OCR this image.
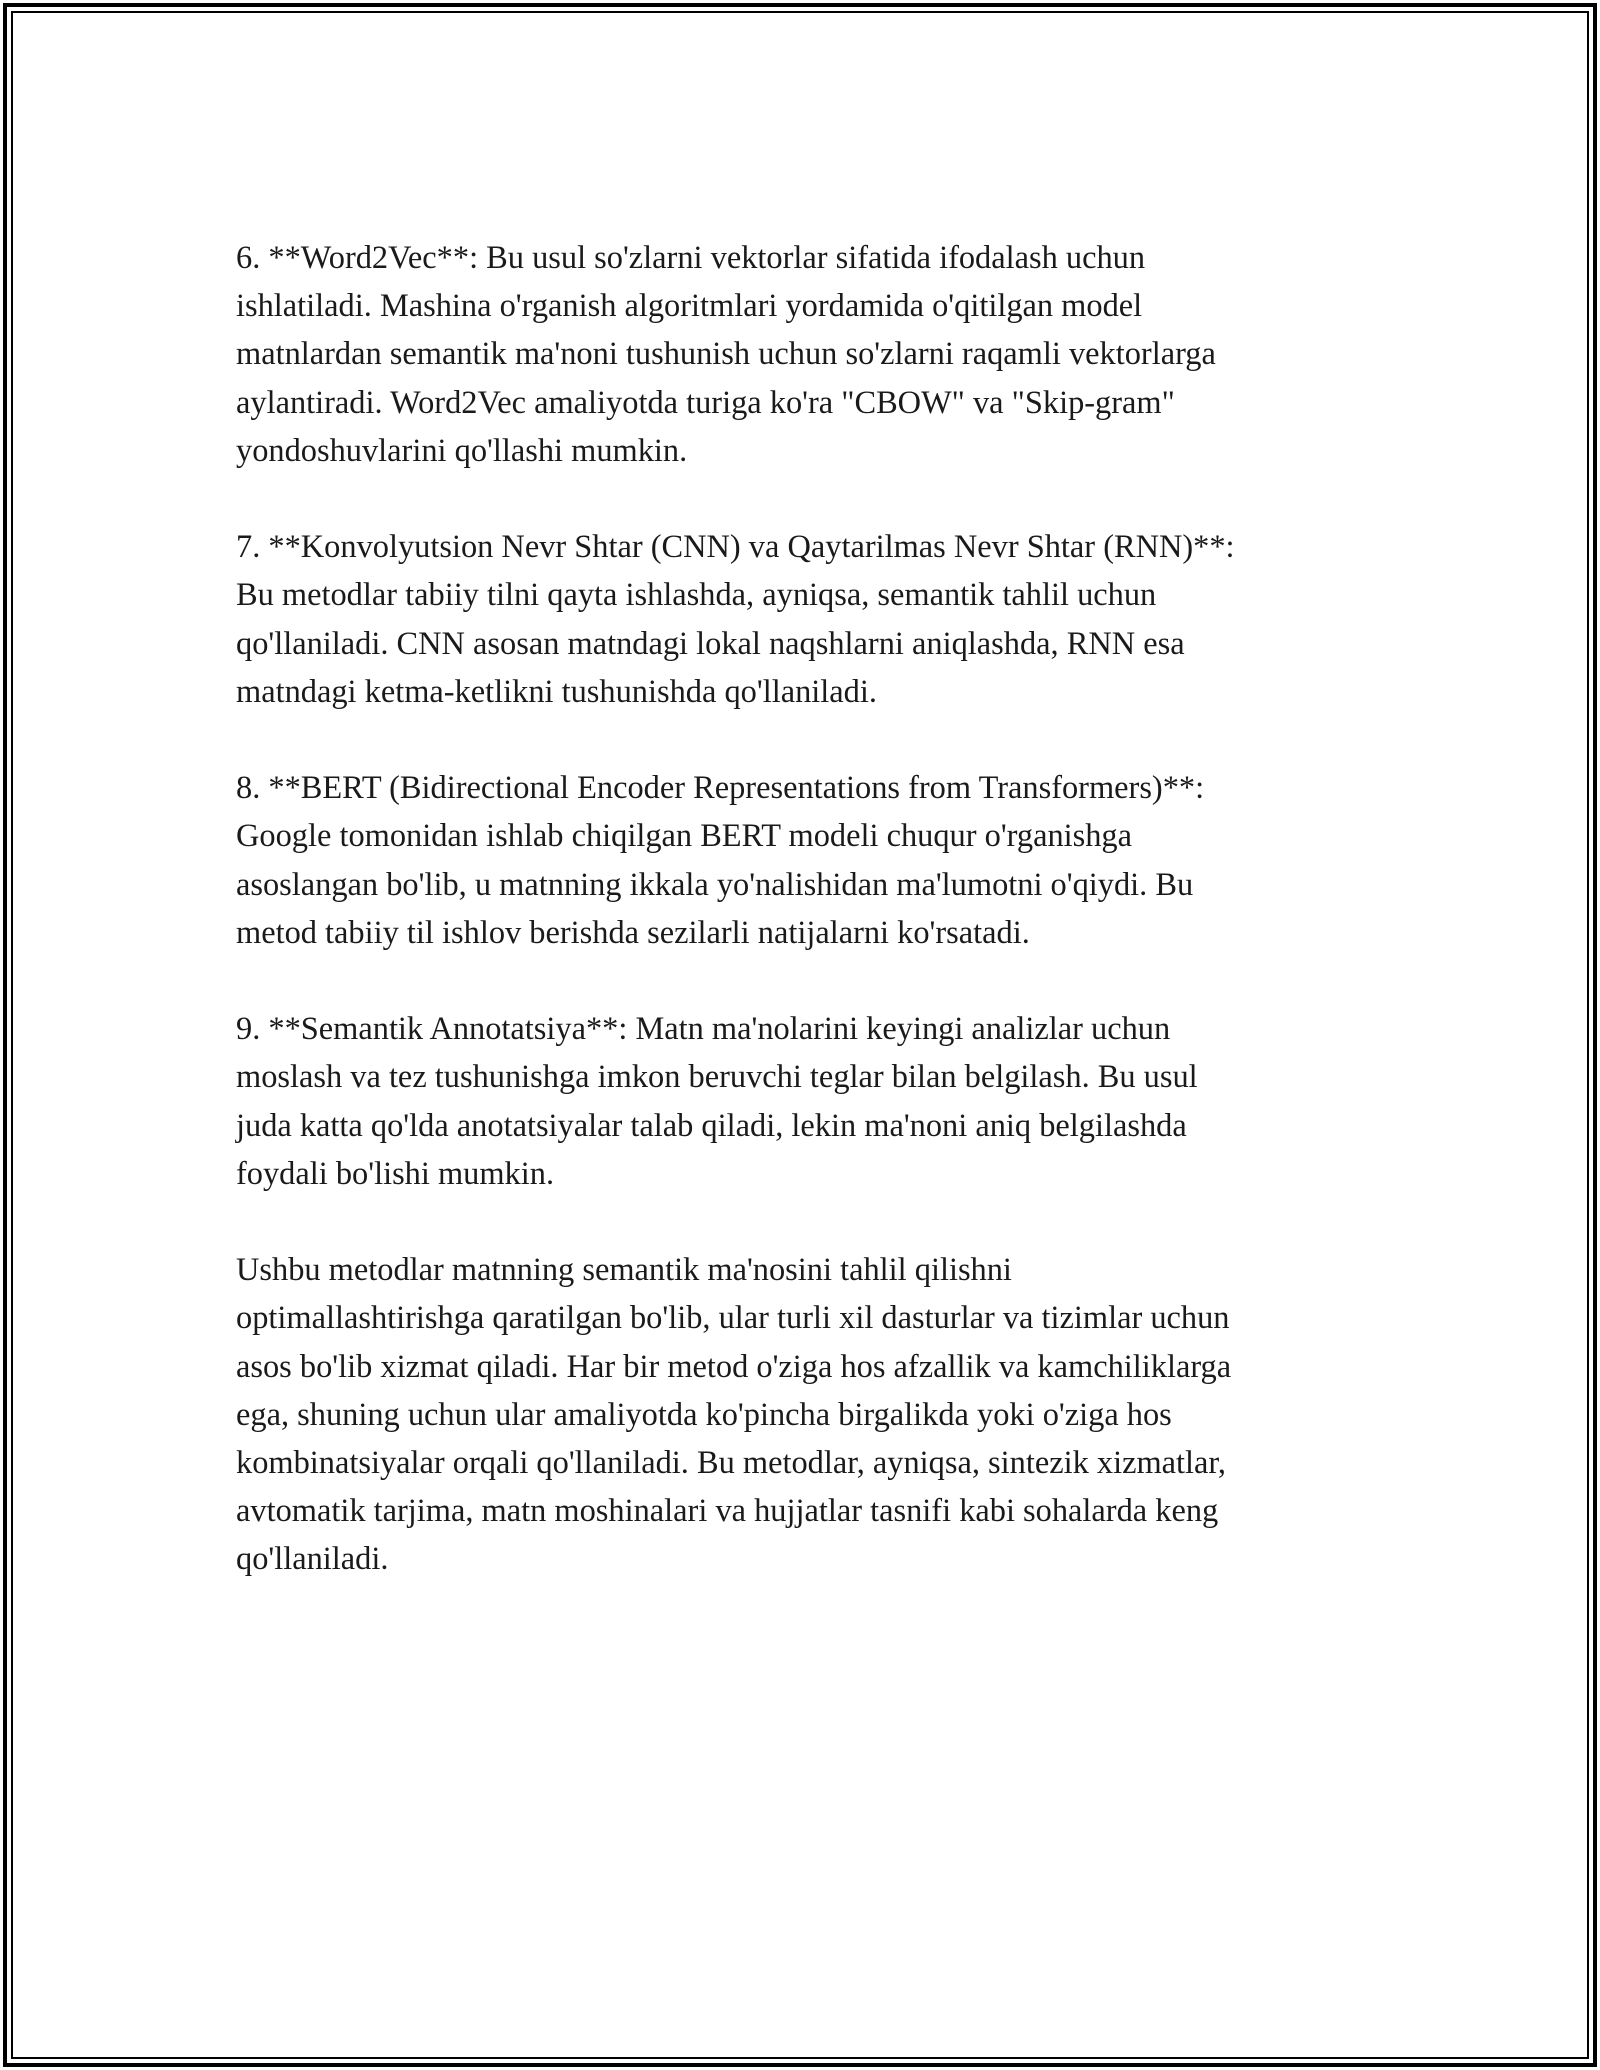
6. **Word2Vec**: Bu usul so'zlarni vektorlar sifatida ifodalash uchun
ishlatiladi. Mashina o'rganish algoritmlari yordamida o'qitilgan model
matnlardan semantik ma'noni tushunish uchun so'zlarni raqamli vektorlarga
aylantiradi. Word2Vec amaliyotda turiga ko'ra "CBOW" va "Skip-gram"
yondoshuvlarini qo'llashi mumkin.

7. **Konvolyutsion Nevr Shtar (CNN) va Qaytarilmas Nevr Shtar (RNN)**:
Bu metodlar tabiiy tilni qayta ishlashda, ayniqsa, semantik tahlil uchun
qo'llaniladi. CNN asosan matndagi lokal naqshlarni aniqlashda, RNN esa
matndagi ketma-ketlikni tushunishda qo'llaniladi.

8. **BERT (Bidirectional Encoder Representations from Transformers)**:
Google tomonidan ishlab chiqilgan BERT modeli chuqur o'rganishga
asoslangan bo'lib, u matnning ikkala yo'nalishidan ma'lumotni o'qiydi. Bu
metod tabiiy til ishlov berishda sezilarli natijalarni ko'rsatadi.

9. **Semantik Annotatsiya**: Matn ma'nolarini keyingi analizlar uchun
moslash va tez tushunishga imkon beruvchi teglar bilan belgilash. Bu usul
juda katta qo'lda anotatsiyalar talab qiladi, lekin ma'noni aniq belgilashda
foydali bo'lishi mumkin.

Ushbu metodlar matnning semantik ma'nosini tahlil qilishni
optimallashtirishga qaratilgan bo'lib, ular turli xil dasturlar va tizimlar uchun
asos bo'lib xizmat qiladi. Har bir metod o'ziga hos afzallik va kamchiliklarga
ega, shuning uchun ular amaliyotda ko'pincha birgalikda yoki o'ziga hos
kombinatsiyalar orqali qo'llaniladi. Bu metodlar, ayniqsa, sintezik xizmatlar,
avtomatik tarjima, matn moshinalari va hujjatlar tasnifi kabi sohalarda keng
qo'llaniladi.
